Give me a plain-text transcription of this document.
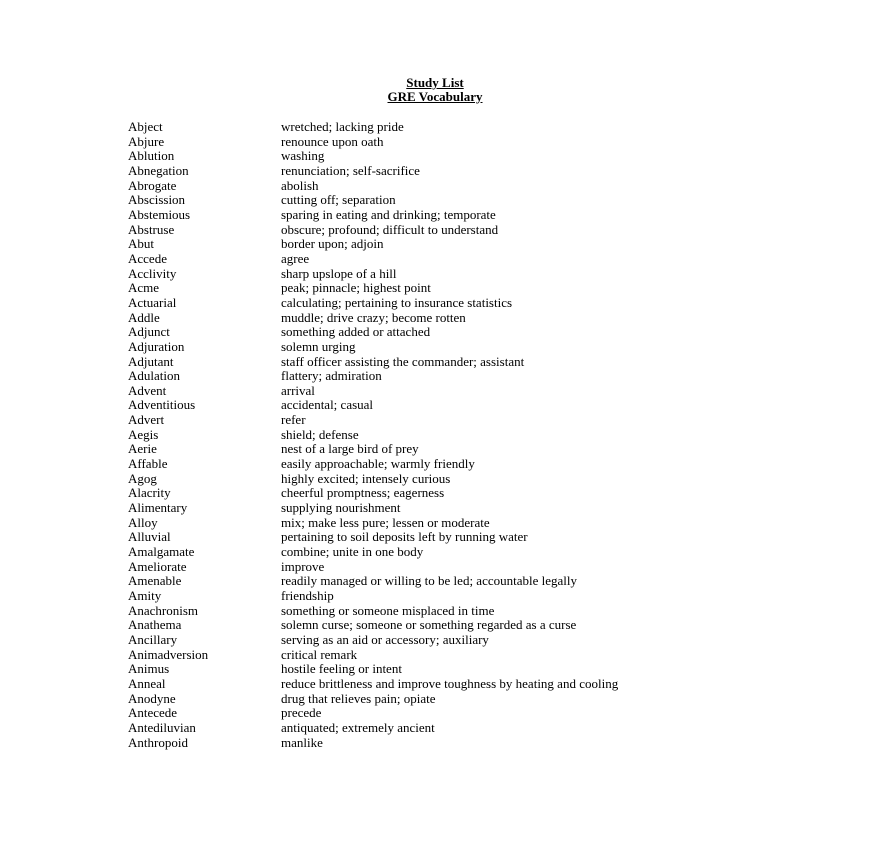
Study List
GRE Vocabulary
Abject	wretched; lacking pride
Abjure	renounce upon oath
Ablution	washing
Abnegation	renunciation; self-sacrifice
Abrogate	abolish
Abscission	cutting off; separation
Abstemious	sparing in eating and drinking; temporate
Abstruse	obscure; profound; difficult to understand
Abut	border upon; adjoin
Accede	agree
Acclivity	sharp upslope of a hill
Acme	peak; pinnacle; highest point
Actuarial	calculating; pertaining to insurance statistics
Addle	muddle; drive crazy; become rotten
Adjunct	something added or attached
Adjuration	solemn urging
Adjutant	staff officer assisting the commander; assistant
Adulation	flattery; admiration
Advent	arrival
Adventitious	accidental; casual
Advert	refer
Aegis	shield; defense
Aerie	nest of a large bird of prey
Affable	easily approachable; warmly friendly
Agog	highly excited; intensely curious
Alacrity	cheerful promptness; eagerness
Alimentary	supplying nourishment
Alloy	mix; make less pure; lessen or moderate
Alluvial	pertaining to soil deposits left by running water
Amalgamate	combine; unite in one body
Ameliorate	improve
Amenable	readily managed or willing to be led; accountable legally
Amity	friendship
Anachronism	something or someone misplaced in time
Anathema	solemn curse; someone or something regarded as a curse
Ancillary	serving as an aid or accessory; auxiliary
Animadversion	critical remark
Animus	hostile feeling or intent
Anneal	reduce brittleness and improve toughness by heating and cooling
Anodyne	drug that relieves pain; opiate
Antecede	precede
Antediluvian	antiquated; extremely ancient
Anthropoid	manlike
